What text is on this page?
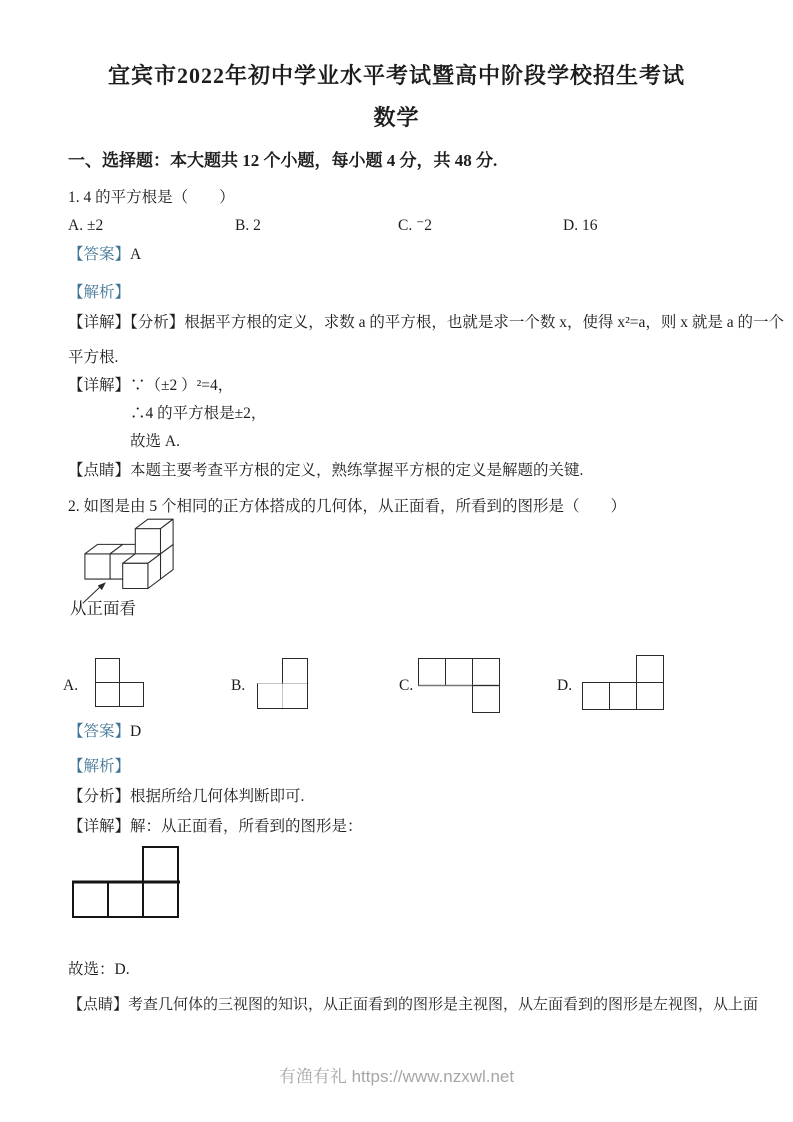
宜宾市2022年初中学业水平考试暨高中阶段学校招生考试
数学
一、选择题：本大题共 12 个小题，每小题 4 分，共 48 分.
1. 4 的平方根是（　　）
A. ±2	B. 2	C. ⁻2	D. 16
【答案】A
【解析】
【详解】【分析】根据平方根的定义，求数 a 的平方根，也就是求一个数 x，使得 x²=a，则 x 就是 a 的一个
平方根.
【详解】∵（±2 ）²=4，
∴4 的平方根是±2，
故选 A.
【点睛】本题主要考查平方根的定义，熟练掌握平方根的定义是解题的关键.
2. 如图是由 5 个相同的正方体搭成的几何体，从正面看，所看到的图形是（　　）
从正面看
A.	B.	C.	D.
【答案】D
【解析】
【分析】根据所给几何体判断即可.
【详解】解：从正面看，所看到的图形是：
故选：D.
【点睛】考查几何体的三视图的知识，从正面看到的图形是主视图，从左面看到的图形是左视图，从上面
有渔有礼 https://www.nzxwl.net
